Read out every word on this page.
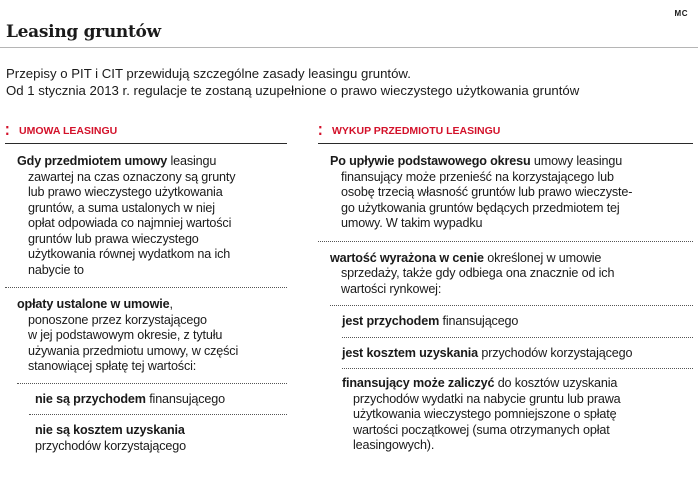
MC
Leasing gruntów
Przepisy o PIT i CIT przewidują szczególne zasady leasingu gruntów.
Od 1 stycznia 2013 r. regulacje te zostaną uzupełnione o prawo wieczystego użytkowania gruntów
⁚ UMOWA LEASINGU
Gdy przedmiotem umowy leasingu
zawartej na czas oznaczony są grunty
lub prawo wieczystego użytkowania
gruntów, a suma ustalonych w niej
opłat odpowiada co najmniej wartości
gruntów lub prawa wieczystego
użytkowania równej wydatkom na ich
nabycie to
opłaty ustalone w umowie,
ponoszone przez korzystającego
w jej podstawowym okresie, z tytułu
używania przedmiotu umowy, w części
stanowiącej spłatę tej wartości:
nie są przychodem finansującego
nie są kosztem uzyskania
przychodów korzystającego
⁚ WYKUP PRZEDMIOTU LEASINGU
Po upływie podstawowego okresu umowy leasingu
finansujący może przenieść na korzystającego lub
osobę trzecią własność gruntów lub prawo wieczyste-
go użytkowania gruntów będących przedmiotem tej
umowy. W takim wypadku
wartość wyrażona w cenie określonej w umowie
sprzedaży, także gdy odbiega ona znacznie od ich
wartości rynkowej:
jest przychodem finansującego
jest kosztem uzyskania przychodów korzystającego
finansujący może zaliczyć do kosztów uzyskania
przychodów wydatki na nabycie gruntu lub prawa
użytkowania wieczystego pomniejszone o spłatę
wartości początkowej (suma otrzymanych opłat
leasingowych).
